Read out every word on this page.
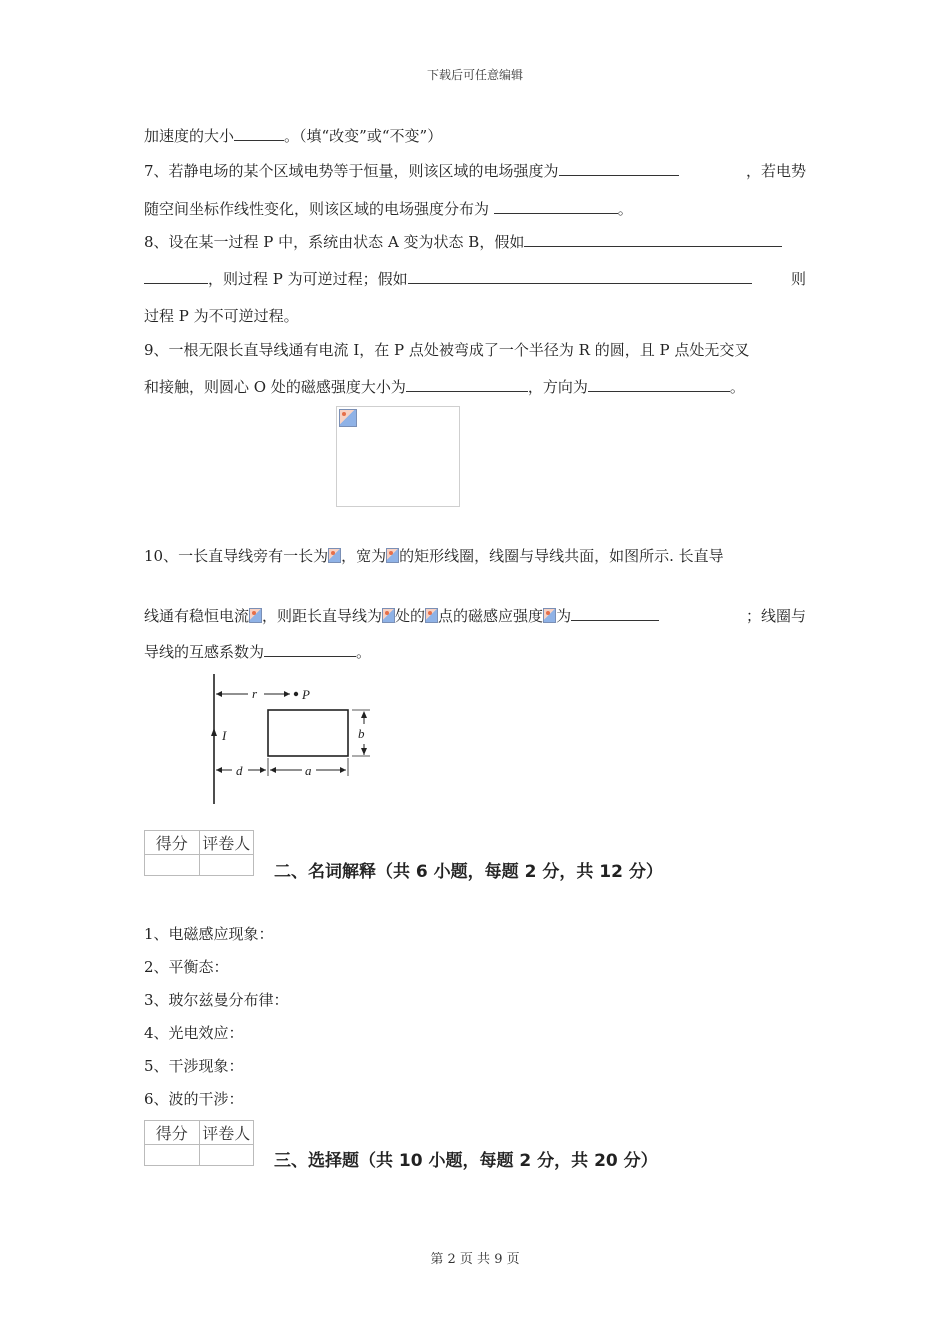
下载后可任意编辑
加速度的大小	。（填“改变”或“不变”）
7、若静电场的某个区域电势等于恒量，则该区域的电场强度为	，若电势
随空间坐标作线性变化，则该区域的电场强度分布为	。
8、设在某一过程 P 中，系统由状态 A 变为状态 B，假如
，则过程 P 为可逆过程；假如	则
过程 P 为不可逆过程。
9、一根无限长直导线通有电流 I，在 P 点处被弯成了一个半径为 R 的圆，且 P 点处无交叉
和接触，则圆心 O 处的磁感强度大小为	，方向为	。
10、一长直导线旁有一长为 ，宽为 的矩形线圈，线圈与导线共面，如图所示. 长直导
线通有稳恒电流 ，则距长直导线为 处的 点的磁感应强度 为	；线圈与
导线的互感系数为	。
I
r	P
b
d	a
得分	评卷人

二、名词解释（共 6 小题，每题 2 分，共 12 分）
1、电磁感应现象：
2、平衡态：
3、玻尔兹曼分布律：
4、光电效应：
5、干涉现象：
6、波的干涉：
得分	评卷人

三、选择题（共 10 小题，每题 2 分，共 20 分）
第 2 页 共 9 页
